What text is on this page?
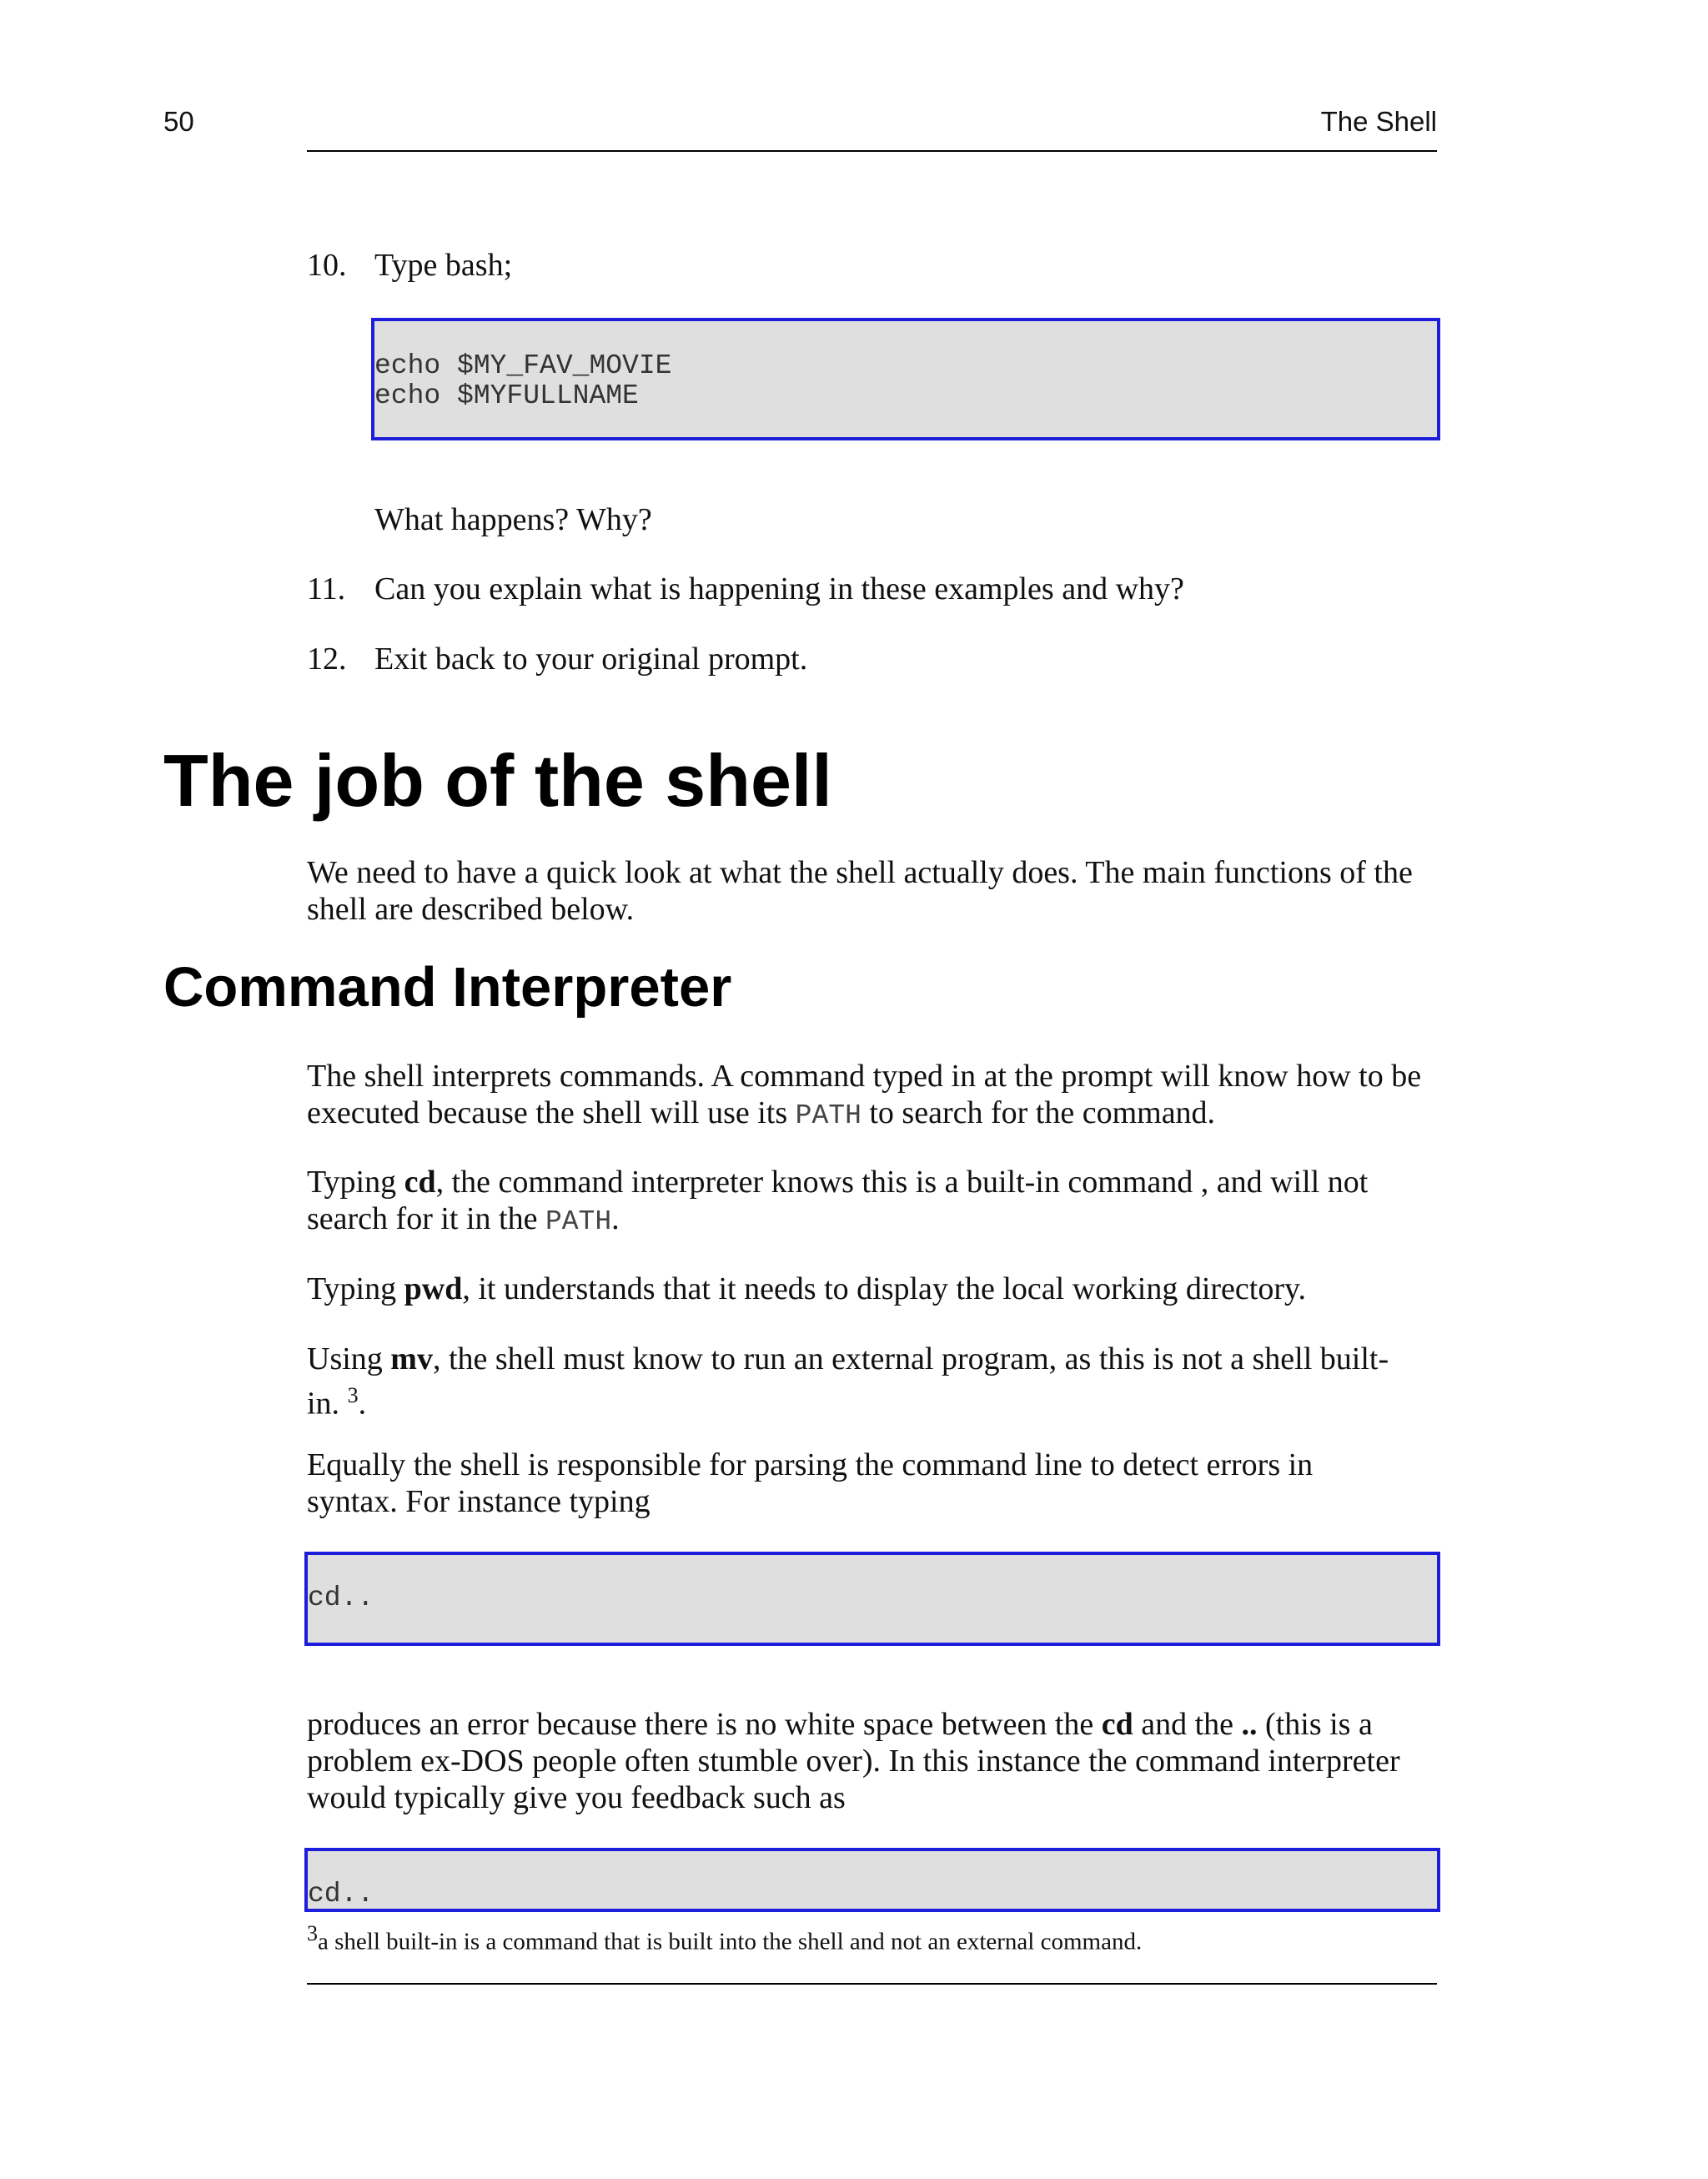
50	The Shell
10. Type bash;
echo $MY_FAV_MOVIE
echo $MYFULLNAME
What happens? Why?
11. Can you explain what is happening in these examples and why?
12. Exit back to your original prompt.
The job of the shell
We need to have a quick look at what the shell actually does. The main functions of the shell are described below.
Command Interpreter
The shell interprets commands. A command typed in at the prompt will know how to be executed because the shell will use its PATH to search for the command.
Typing cd, the command interpreter knows this is a built-in command , and will not search for it in the PATH.
Typing pwd, it understands that it needs to display the local working directory.
Using mv, the shell must know to run an external program, as this is not a shell built-in. $^3$.
Equally the shell is responsible for parsing the command line to detect errors in syntax. For instance typing
cd..
produces an error because there is no white space between the cd and the .. (this is a problem ex-DOS people often stumble over). In this instance the command interpreter would typically give you feedback such as
cd..
$^3$a shell built-in is a command that is built into the shell and not an external command.
